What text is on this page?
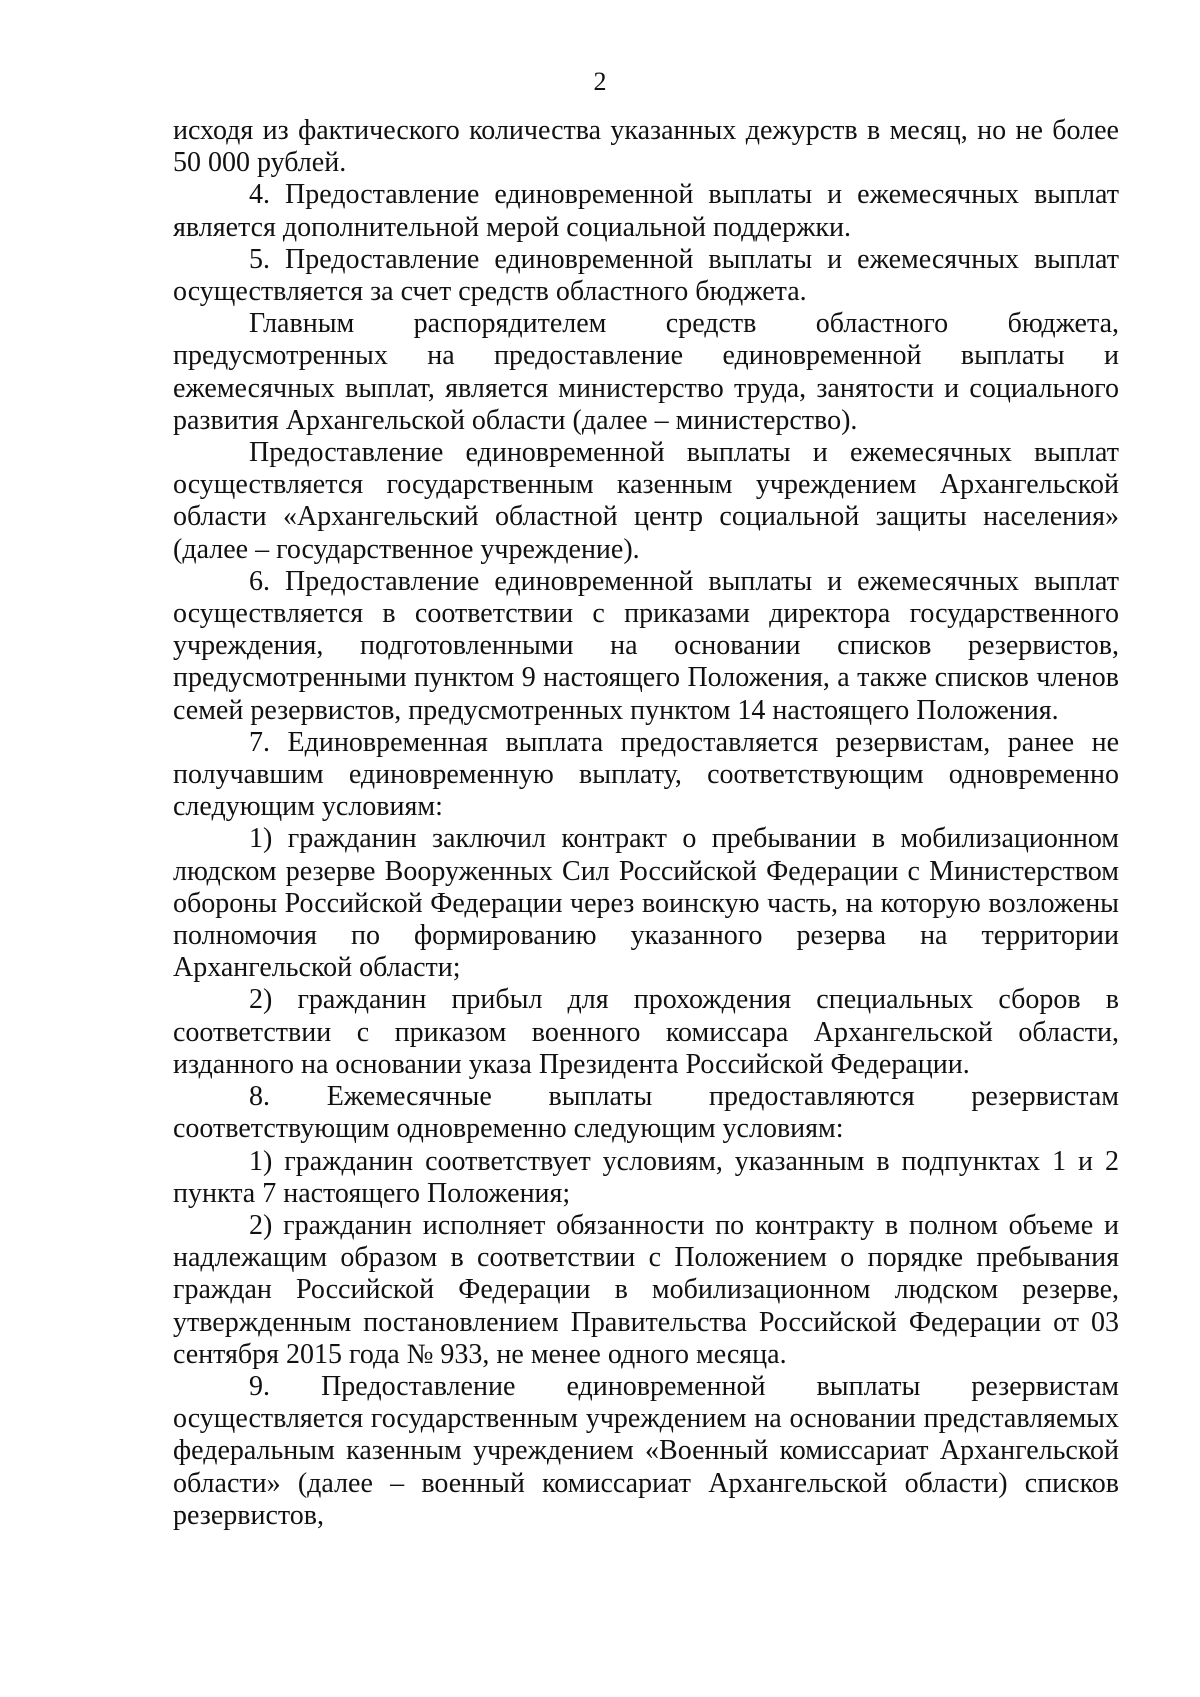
2

исходя из фактического количества указанных дежурств в месяц, но не более 50 000 рублей.

4. Предоставление единовременной выплаты и ежемесячных выплат является дополнительной мерой социальной поддержки.

5. Предоставление единовременной выплаты и ежемесячных выплат осуществляется за счет средств областного бюджета.

Главным распорядителем средств областного бюджета, предусмотренных на предоставление единовременной выплаты и ежемесячных выплат, является министерство труда, занятости и социального развития Архангельской области (далее – министерство).

Предоставление единовременной выплаты и ежемесячных выплат осуществляется государственным казенным учреждением Архангельской области «Архангельский областной центр социальной защиты населения» (далее – государственное учреждение).

6. Предоставление единовременной выплаты и ежемесячных выплат осуществляется в соответствии с приказами директора государственного учреждения, подготовленными на основании списков резервистов, предусмотренными пунктом 9 настоящего Положения, а также списков членов семей резервистов, предусмотренных пунктом 14 настоящего Положения.

7. Единовременная выплата предоставляется резервистам, ранее не получавшим единовременную выплату, соответствующим одновременно следующим условиям:

1) гражданин заключил контракт о пребывании в мобилизационном людском резерве Вооруженных Сил Российской Федерации с Министерством обороны Российской Федерации через воинскую часть, на которую возложены полномочия по формированию указанного резерва на территории Архангельской области;

2) гражданин прибыл для прохождения специальных сборов в соответствии с приказом военного комиссара Архангельской области, изданного на основании указа Президента Российской Федерации.

8. Ежемесячные выплаты предоставляются резервистам соответствующим одновременно следующим условиям:

1) гражданин соответствует условиям, указанным в подпунктах 1 и 2 пункта 7 настоящего Положения;

2) гражданин исполняет обязанности по контракту в полном объеме и надлежащим образом в соответствии с Положением о порядке пребывания граждан Российской Федерации в мобилизационном людском резерве, утвержденным постановлением Правительства Российской Федерации от 03 сентября 2015 года № 933, не менее одного месяца.

9. Предоставление единовременной выплаты резервистам осуществляется государственным учреждением на основании представляемых федеральным казенным учреждением «Военный комиссариат Архангельской области» (далее – военный комиссариат Архангельской области) списков резервистов,
